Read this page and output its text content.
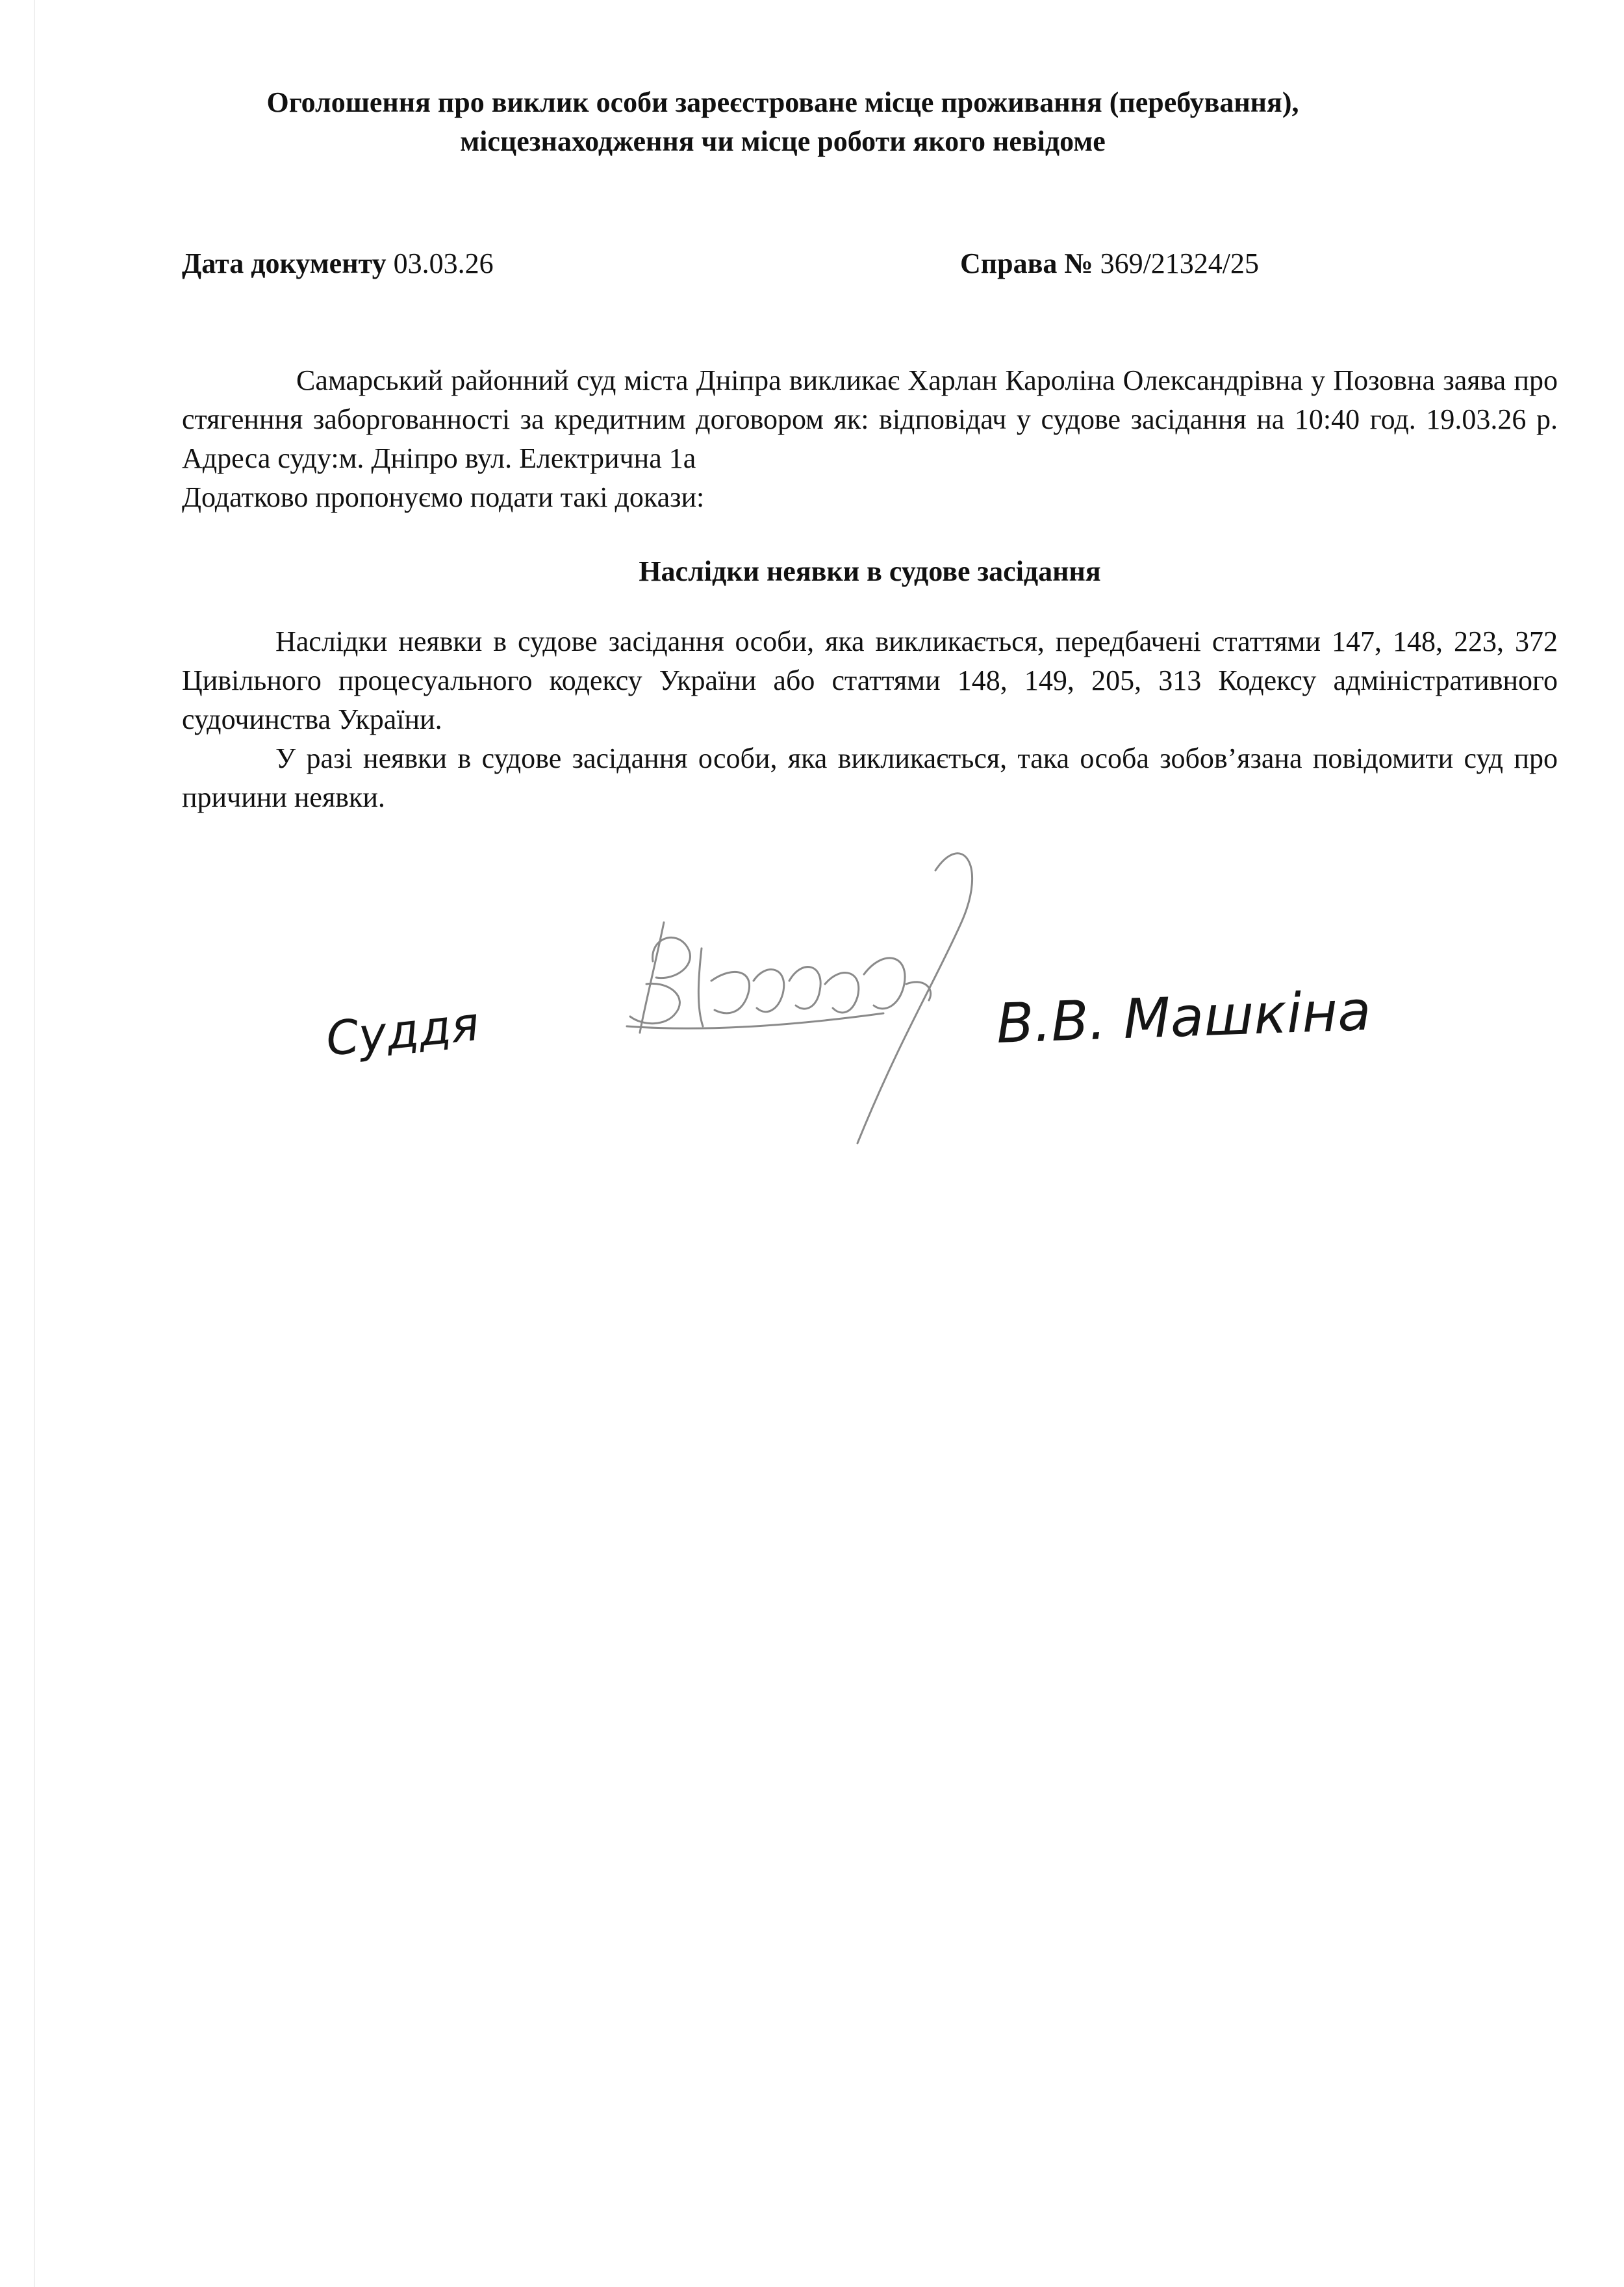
Оголошення про виклик особи зареєстроване місце проживання (перебування),
місцезнаходження чи місце роботи якого невідоме
Дата документу 03.03.26	Справа № 369/21324/25
Самарський районний суд міста Дніпра викликає Харлан Кароліна Олександрівна у Позовна заява про стягенння заборгованності за кредитним договором як: відповідач у судове засідання на 10:40 год. 19.03.26 р. Адреса суду:м. Дніпро вул. Електрична 1а
Додатково пропонуємо подати такі докази:
Наслідки неявки в судове засідання

Наслідки неявки в судове засідання особи, яка викликається, передбачені статтями 147, 148, 223, 372 Цивільного процесуального кодексу України або статтями 148, 149, 205, 313 Кодексу адміністративного судочинства України.

У разі неявки в судове засідання особи, яка викликається, така особа зобов’язана повідомити суд про причини неявки.

Суддя	В.В. Машкіна
